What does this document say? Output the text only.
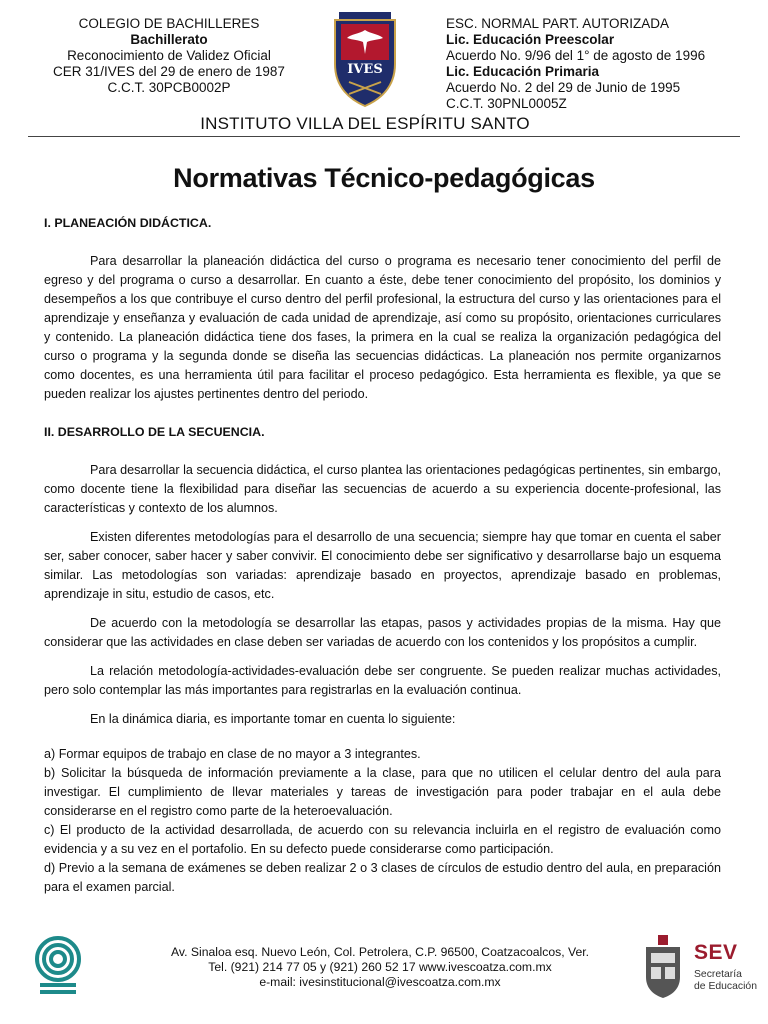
COLEGIO DE BACHILLERES
Bachillerato
Reconocimiento de Validez Oficial
CER 31/IVES del 29 de enero de 1987
C.C.T. 30PCB0002P
IVES
ESC. NORMAL PART. AUTORIZADA
Lic. Educación Preescolar
Acuerdo No. 9/96 del 1° de agosto de 1996
Lic. Educación Primaria
Acuerdo No. 2 del 29 de Junio de 1995
C.C.T. 30PNL0005Z
INSTITUTO VILLA DEL ESPÍRITU SANTO
Normativas Técnico-pedagógicas
I. PLANEACIÓN DIDÁCTICA.

Para desarrollar la planeación didáctica del curso o programa es necesario tener conocimiento del perfil de egreso y del programa o curso a desarrollar. En cuanto a éste, debe tener conocimiento del propósito, los dominios y desempeños a los que contribuye el curso dentro del perfil profesional, la estructura del curso y las orientaciones para el aprendizaje y enseñanza y evaluación de cada unidad de aprendizaje, así como su propósito, orientaciones curriculares y contenido. La planeación didáctica tiene dos fases, la primera en la cual se realiza la organización pedagógica del curso o programa y la segunda donde se diseña las secuencias didácticas. La planeación nos permite organizarnos como docentes, es una herramienta útil para facilitar el proceso pedagógico. Esta herramienta es flexible, ya que se pueden realizar los ajustes pertinentes dentro del periodo.

II. DESARROLLO DE LA SECUENCIA.

Para desarrollar la secuencia didáctica, el curso plantea las orientaciones pedagógicas pertinentes, sin embargo, como docente tiene la flexibilidad para diseñar las secuencias de acuerdo a su experiencia docente-profesional, las características y contexto de los alumnos.

Existen diferentes metodologías para el desarrollo de una secuencia; siempre hay que tomar en cuenta el saber ser, saber conocer, saber hacer y saber convivir. El conocimiento debe ser significativo y desarrollarse bajo un esquema similar. Las metodologías son variadas: aprendizaje basado en proyectos, aprendizaje basado en problemas, aprendizaje in situ, estudio de casos, etc.

De acuerdo con la metodología se desarrollar las etapas, pasos y actividades propias de la misma. Hay que considerar que las actividades en clase deben ser variadas de acuerdo con los contenidos y los propósitos a cumplir.

La relación metodología-actividades-evaluación debe ser congruente. Se pueden realizar muchas actividades, pero solo contemplar las más importantes para registrarlas en la evaluación continua.

En la dinámica diaria, es importante tomar en cuenta lo siguiente:

a) Formar equipos de trabajo en clase de no mayor a 3 integrantes.

b) Solicitar la búsqueda de información previamente a la clase, para que no utilicen el celular dentro del aula para investigar. El cumplimiento de llevar materiales y tareas de investigación para poder trabajar en el aula debe considerarse en el registro como parte de la heteroevaluación.

c) El producto de la actividad desarrollada, de acuerdo con su relevancia incluirla en el registro de evaluación como evidencia y a su vez en el portafolio. En su defecto puede considerarse como participación.

d) Previo a la semana de exámenes se deben realizar 2 o 3 clases de círculos de estudio dentro del aula, en preparación para el examen parcial.

Av. Sinaloa esq. Nuevo León, Col. Petrolera, C.P. 96500, Coatzacoalcos, Ver.
Tel. (921) 214 77 05 y (921) 260 52 17 www.ivescoatza.com.mx
e-mail: ivesinstitucional@ivescoatza.com.mx
SEV
Secretaría
de Educación
